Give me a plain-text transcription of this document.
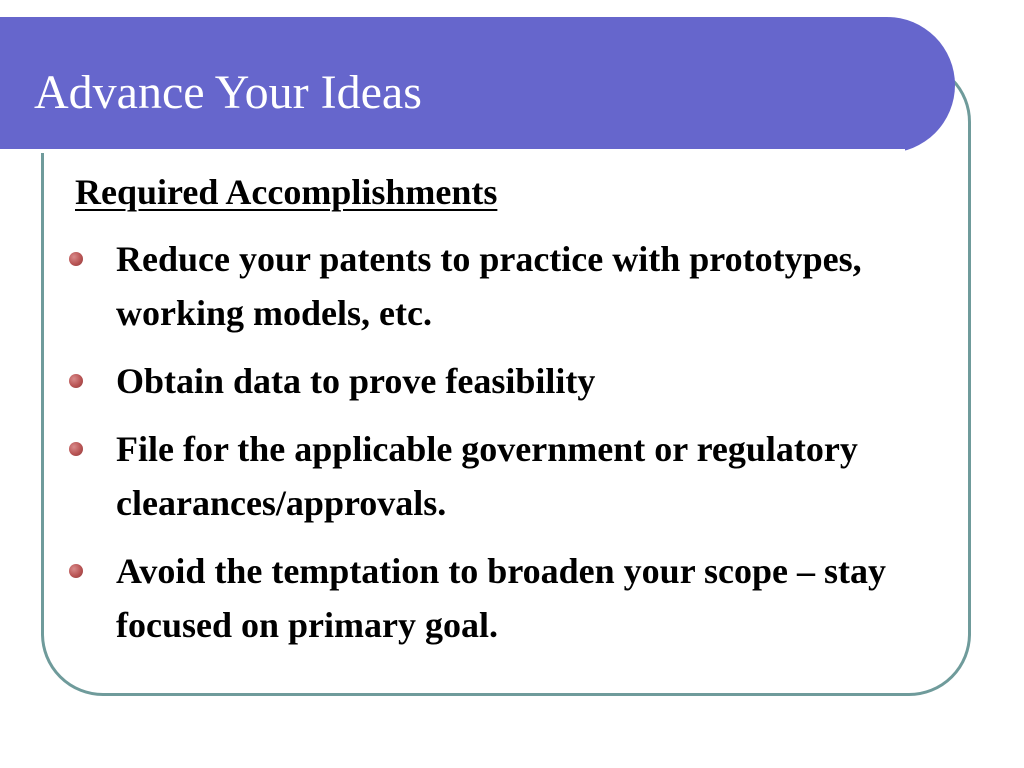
Advance Your Ideas
Required Accomplishments
Reduce your patents to practice with prototypes, working models, etc.
Obtain data to prove feasibility
File for the applicable government or regulatory clearances/approvals.
Avoid the temptation to broaden your scope – stay focused on primary goal.
